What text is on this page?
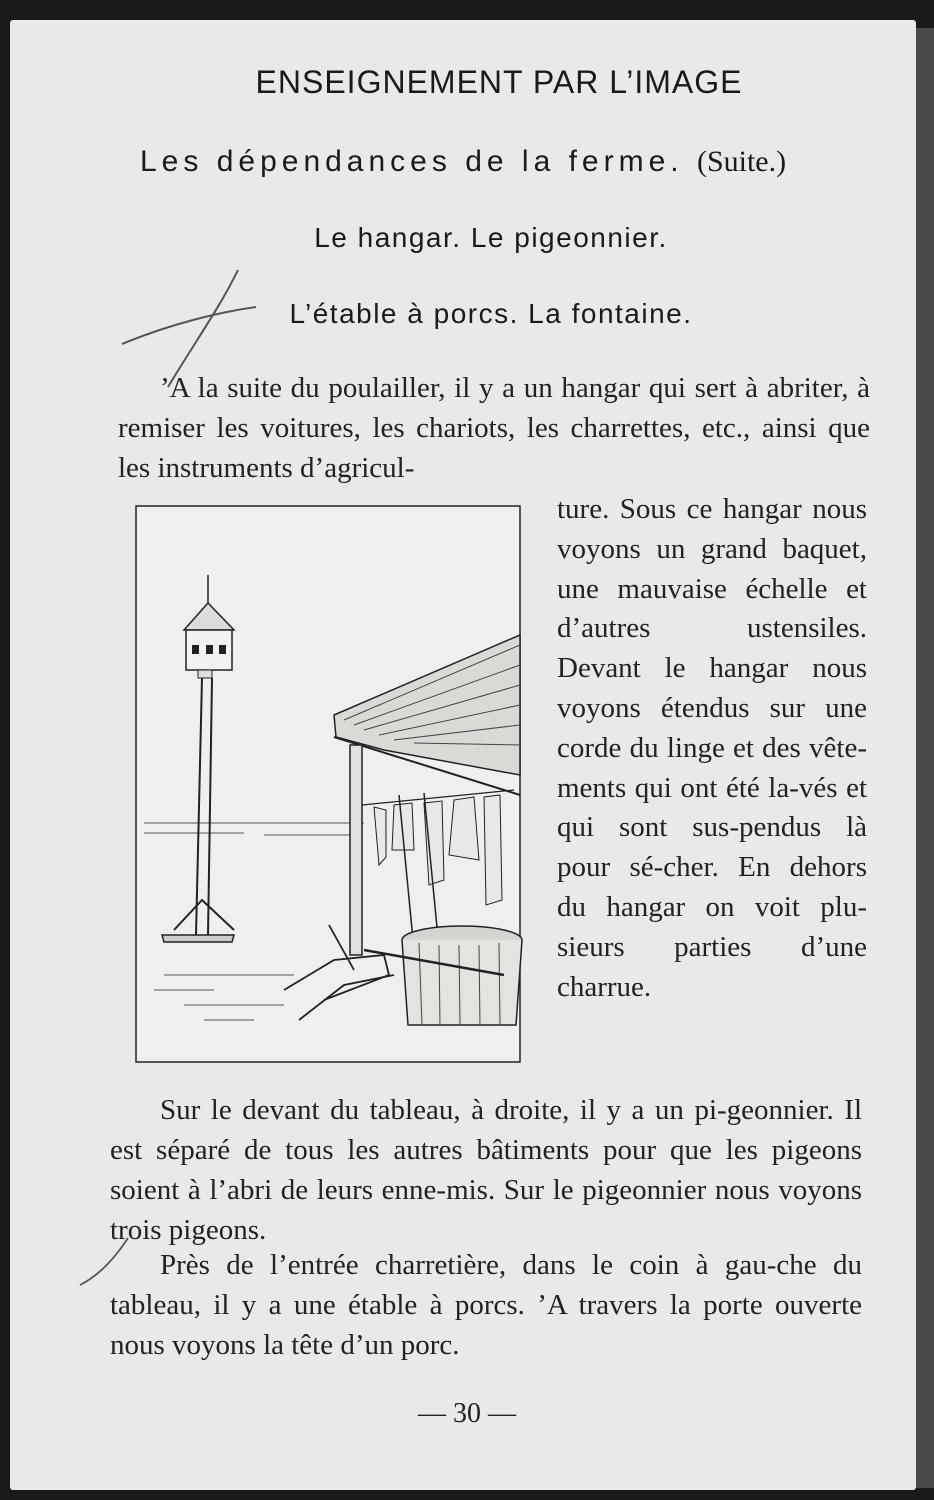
ENSEIGNEMENT PAR L’IMAGE
Les dépendances de la ferme. (Suite.)
Le hangar. Le pigeonnier.
L’étable à porcs. La fontaine.

’A la suite du poulailler, il y a un hangar qui sert à abriter, à remiser les voitures, les chariots, les charrettes, etc., ainsi que les instruments d’agricul-

ture. Sous ce hangar nous voyons un grand baquet, une mauvaise échelle et d’autres ustensiles. Devant le hangar nous voyons étendus sur une corde du linge et des vête-ments qui ont été la-vés et qui sont sus-pendus là pour sé-cher. En dehors du hangar on voit plu-sieurs parties d’une charrue.

Sur le devant du tableau, à droite, il y a un pi-geonnier. Il est séparé de tous les autres bâtiments pour que les pigeons soient à l’abri de leurs enne-mis. Sur le pigeonnier nous voyons trois pigeons.

Près de l’entrée charretière, dans le coin à gau-che du tableau, il y a une étable à porcs. ’A travers la porte ouverte nous voyons la tête d’un porc.

— 30 —
